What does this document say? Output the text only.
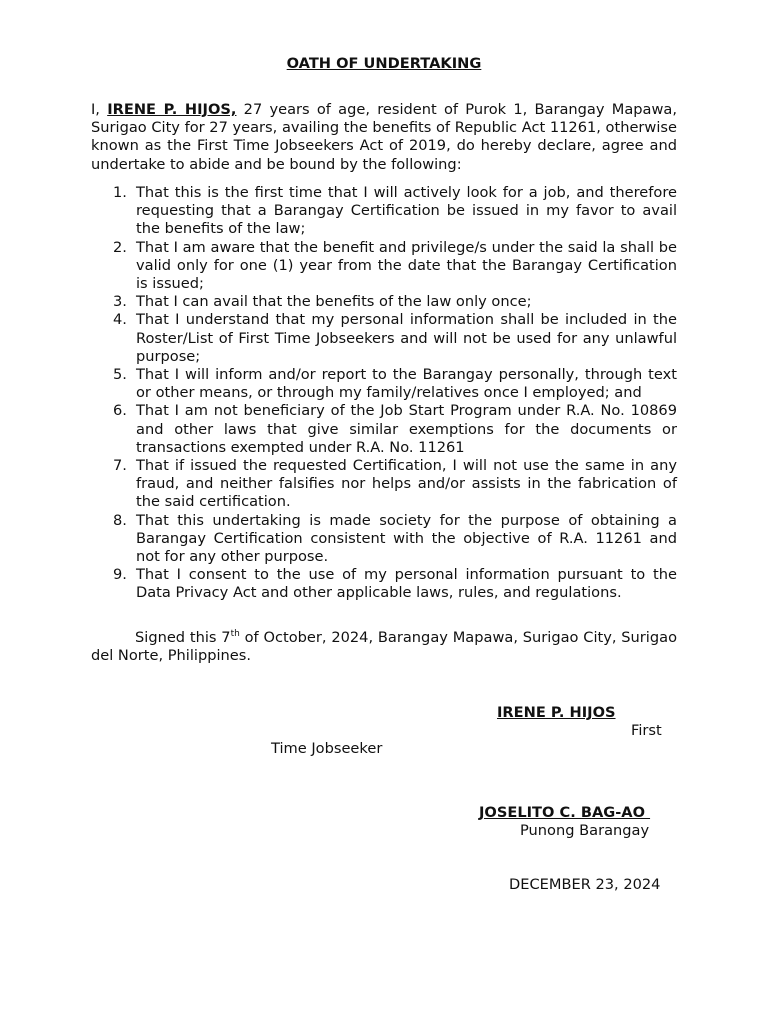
OATH OF UNDERTAKING

I, IRENE P. HIJOS, 27 years of age, resident of Purok 1, Barangay Mapawa, Surigao City for 27 years, availing the benefits of Republic Act 11261, otherwise known as the First Time Jobseekers Act of 2019, do hereby declare, agree and undertake to abide and be bound by the following:

1. That this is the first time that I will actively look for a job, and therefore requesting that a Barangay Certification be issued in my favor to avail the benefits of the law;
2. That I am aware that the benefit and privilege/s under the said la shall be valid only for one (1) year from the date that the Barangay Certification is issued;
3. That I can avail that the benefits of the law only once;
4. That I understand that my personal information shall be included in the Roster/List of First Time Jobseekers and will not be used for any unlawful purpose;
5. That I will inform and/or report to the Barangay personally, through text or other means, or through my family/relatives once I employed; and
6. That I am not beneficiary of the Job Start Program under R.A. No. 10869 and other laws that give similar exemptions for the documents or transactions exempted under R.A. No. 11261
7. That if issued the requested Certification, I will not use the same in any fraud, and neither falsifies nor helps and/or assists in the fabrication of the said certification.
8. That this undertaking is made society for the purpose of obtaining a Barangay Certification consistent with the objective of R.A. 11261 and not for any other purpose.
9. That I consent to the use of my personal information pursuant to the Data Privacy Act and other applicable laws, rules, and regulations.

Signed this 7th of October, 2024, Barangay Mapawa, Surigao City, Surigao del Norte, Philippines.

IRENE P. HIJOS
First
Time Jobseeker
JOSELITO C. BAG-AO
Punong Barangay
DECEMBER 23, 2024
